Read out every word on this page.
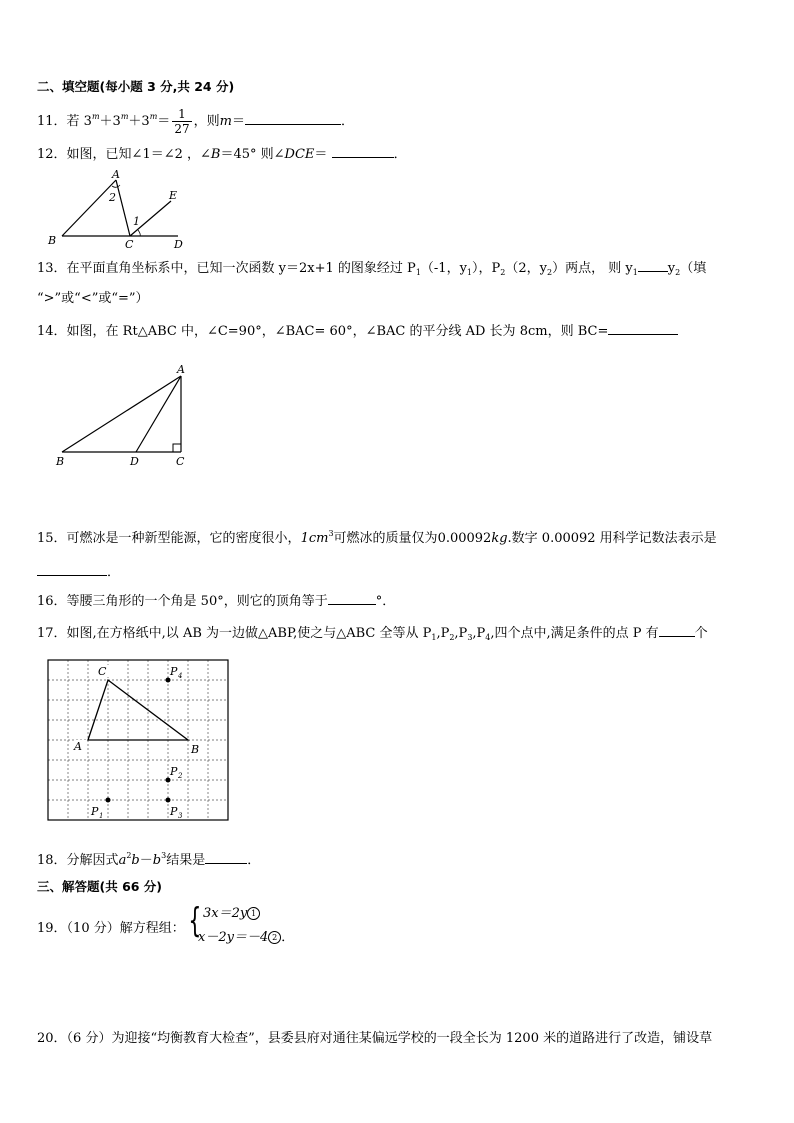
二、填空题(每小题 3 分,共 24 分)
11．若 $3^m+3^m+3^m= \frac{1}{27}$ ，则m＝	．
12．如图，已知∠1＝∠2 ，∠B＝45° 则∠DCE＝	．
A
B	C	D
E
2
1
13．在平面直角坐标系中，已知一次函数 y＝2x+1 的图象经过 $P_1(-1$，$y_1$），$P_2(2$，$y_2$）两点， 则 $y_1$ $y_2$（填
“>”或“<”或“=”）
14．如图，在 Rt△ABC 中，∠C=90°，∠BAC= 60°，∠BAC 的平分线 AD 长为 8cm，则 BC=
A
B	D	C
15．可燃冰是一种新型能源，它的密度很小，$1cm^3$可燃冰的质量仅为0.00092kg.数字 0.00092 用科学记数法表示是
．
16．等腰三角形的一个角是 50°，则它的顶角等于	°．
17．如图,在方格纸中,以 AB 为一边做△ABP,使之与△ABC 全等从 $P_1,P_2,P_3,P_4$,四个点中,满足条件的点 P 有	个
C
A	B
P 4
P 2
P 1	P 3
18．分解因式$a^2b-b^3$结果是	．
三、解答题(共 66 分)
19．（10 分）解方程组： { 3x＝2y 1
x－2y＝－4 2 ．
20．（6 分）为迎接“均衡教育大检查”，县委县府对通往某偏远学校的一段全长为 1200 米的道路进行了改造，铺设草
